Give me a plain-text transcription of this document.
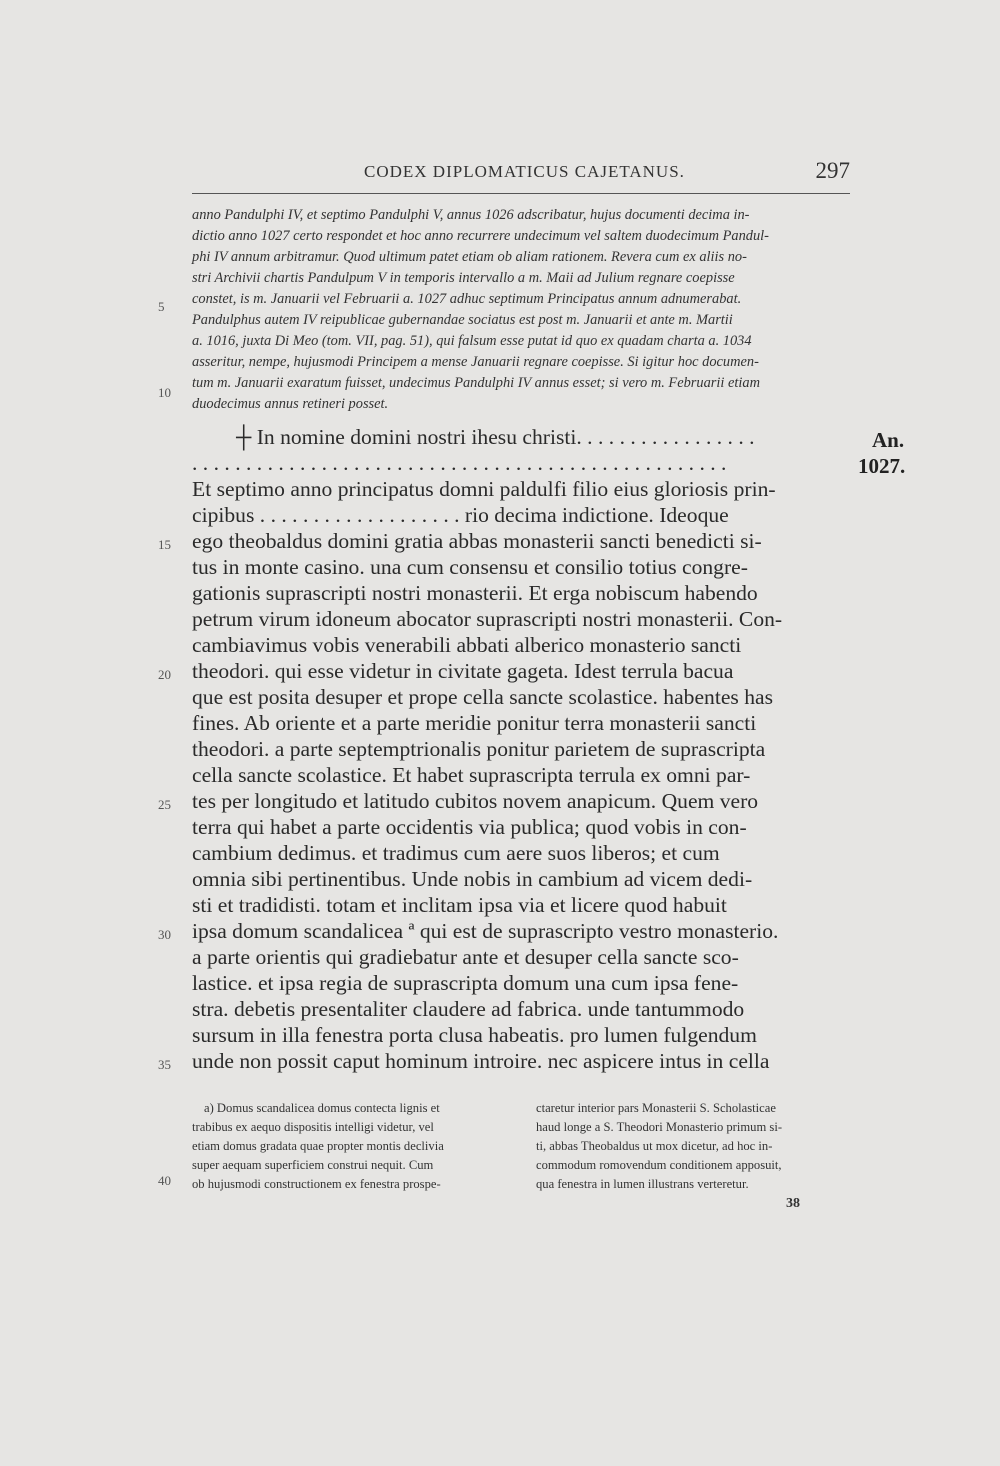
CODEX DIPLOMATICUS CAJETANUS.	297
anno Pandulphi IV, et septimo Pandulphi V, annus 1026 adscribatur, hujus documenti decima in-
dictio anno 1027 certo respondet et hoc anno recurrere undecimum vel saltem duodecimum Pandul-
phi IV annum arbitramur. Quod ultimum patet etiam ob aliam rationem. Revera cum ex aliis no-
stri Archivii chartis Pandulpum V in temporis intervallo a m. Maii ad Julium regnare coepisse
constet, is m. Januarii vel Februarii a. 1027 adhuc septimum Principatus annum adnumerabat.
Pandulphus autem IV reipublicae gubernandae sociatus est post m. Januarii et ante m. Martii
a. 1016, juxta Di Meo (tom. VII, pag. 51), qui falsum esse putat id quo ex quadam charta a. 1034
asseritur, nempe, hujusmodi Principem a mense Januarii regnare coepisse. Si igitur hoc documen-
tum m. Januarii exaratum fuisset, undecimus Pandulphi IV annus esset; si vero m. Februarii etiam
duodecimus annus retineri posset.
5
10
15
20
25
30
35
40
An.
1027.
┼ In nomine domini nostri ihesu christi. . . . . . . . . . . . . . . . .
. . . . . . . . . . . . . . . . . . . . . . . . . . . . . . . . . . . . . . . . . . . . . . . . . .
Et septimo anno principatus domni paldulfi filio eius gloriosis prin-
cipibus . . . . . . . . . . . . . . . . . . . rio decima indictione. Ideoque
ego theobaldus domini gratia abbas monasterii sancti benedicti si-
tus in monte casino. una cum consensu et consilio totius congre-
gationis suprascripti nostri monasterii. Et erga nobiscum habendo
petrum virum idoneum abocator suprascripti nostri monasterii. Con-
cambiavimus vobis venerabili abbati alberico monasterio sancti
theodori. qui esse videtur in civitate gageta. Idest terrula bacua
que est posita desuper et prope cella sancte scolastice. habentes has
fines. Ab oriente et a parte meridie ponitur terra monasterii sancti
theodori. a parte septemptrionalis ponitur parietem de suprascripta
cella sancte scolastice. Et habet suprascripta terrula ex omni par-
tes per longitudo et latitudo cubitos novem anapicum. Quem vero
terra qui habet a parte occidentis via publica; quod vobis in con-
cambium dedimus. et tradimus cum aere suos liberos; et cum
omnia sibi pertinentibus. Unde nobis in cambium ad vicem dedi-
sti et tradidisti. totam et inclitam ipsa via et licere quod habuit
ipsa domum scandalicea ª qui est de suprascripto vestro monasterio.
a parte orientis qui gradiebatur ante et desuper cella sancte sco-
lastice. et ipsa regia de suprascripta domum una cum ipsa fene-
stra. debetis presentaliter claudere ad fabrica. unde tantummodo
sursum in illa fenestra porta clusa habeatis. pro lumen fulgendum
unde non possit caput hominum introire. nec aspicere intus in cella
a) Domus scandalicea domus contecta lignis et
trabibus ex aequo dispositis intelligi videtur, vel
etiam domus gradata quae propter montis declivia
super aequam superficiem construi nequit. Cum
ob hujusmodi constructionem ex fenestra prospe-
ctaretur interior pars Monasterii S. Scholasticae
haud longe a S. Theodori Monasterio primum si-
ti, abbas Theobaldus ut mox dicetur, ad hoc in-
commodum romovendum conditionem apposuit,
qua fenestra in lumen illustrans verteretur.
38
